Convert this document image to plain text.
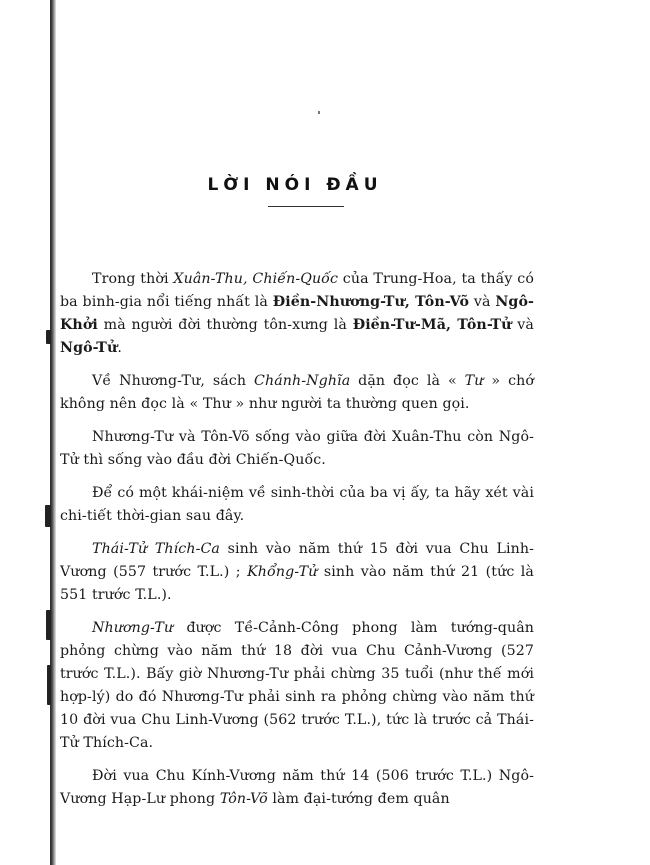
LỜI NÓI ĐẦU

Trong thời Xuân-Thu, Chiến-Quốc của Trung-Hoa, ta thấy có ba binh-gia nổi tiếng nhất là Điền-Nhương-Tư, Tôn-Võ và Ngô-Khởi mà người đời thường tôn-xưng là Điền-Tư-Mã, Tôn-Tử và Ngô-Tử.

Về Nhương-Tư, sách Chánh-Nghĩa dặn đọc là « Tư » chớ không nên đọc là « Thư » như người ta thường quen gọi.

Nhương-Tư và Tôn-Võ sống vào giữa đời Xuân-Thu còn Ngô-Tử thì sống vào đầu đời Chiến-Quốc.

Để có một khái-niệm về sinh-thời của ba vị ấy, ta hãy xét vài chi-tiết thời-gian sau đây.

Thái-Tử Thích-Ca sinh vào năm thứ 15 đời vua Chu Linh-Vương (557 trước T.L.) ; Khổng-Tử sinh vào năm thứ 21 (tức là 551 trước T.L.).

Nhương-Tư được Tề-Cảnh-Công phong làm tướng-quân phỏng chừng vào năm thứ 18 đời vua Chu Cảnh-Vương (527 trước T.L.). Bấy giờ Nhương-Tư phải chừng 35 tuổi (như thế mới hợp-lý) do đó Nhương-Tư phải sinh ra phỏng chừng vào năm thứ 10 đời vua Chu Linh-Vương (562 trước T.L.), tức là trước cả Thái-Tử Thích-Ca.

Đời vua Chu Kính-Vương năm thứ 14 (506 trước T.L.) Ngô-Vương Hạp-Lư phong Tôn-Võ làm đại-tướng đem quân
